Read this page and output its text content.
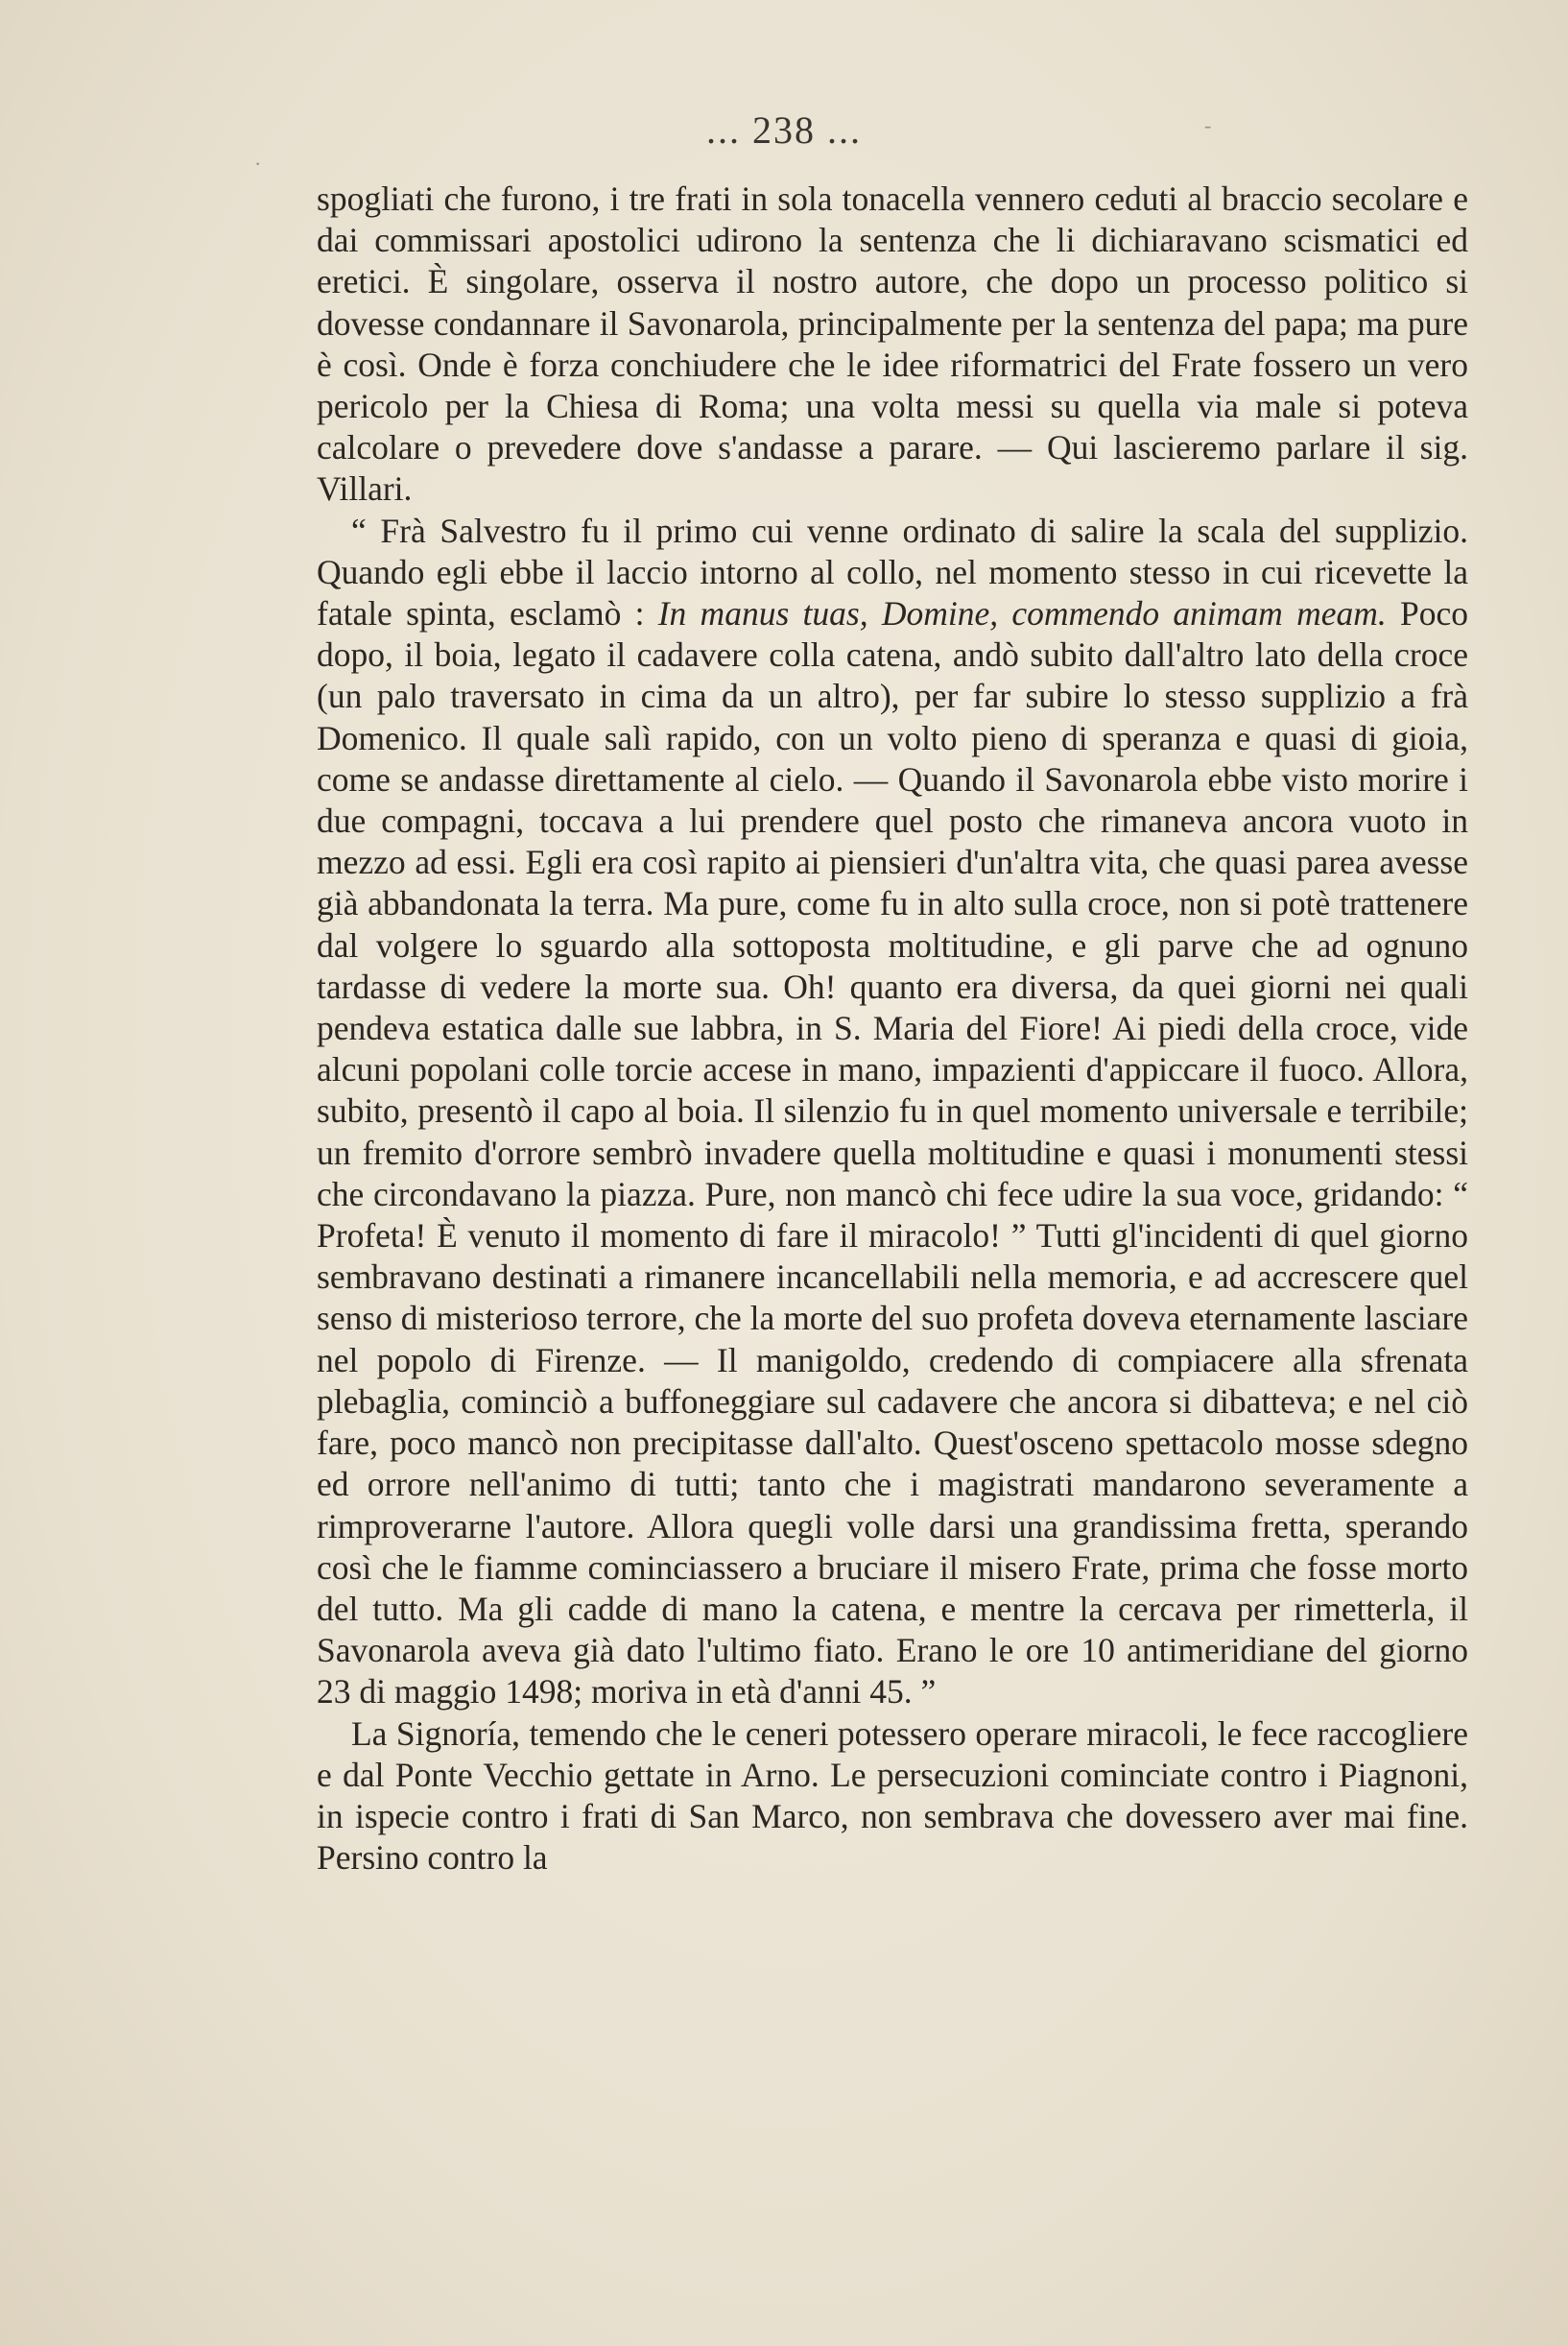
... 238 ...
·
-

spogliati che furono, i tre frati in sola tonacella vennero ceduti al braccio secolare e dai commissari apostolici udirono la sentenza che li dichiaravano scismatici ed eretici. È singolare, osserva il nostro autore, che dopo un processo politico si dovesse condannare il Savonarola, principalmente per la sentenza del papa; ma pure è così. Onde è forza conchiudere che le idee riformatrici del Frate fossero un vero pericolo per la Chiesa di Roma; una volta messi su quella via male si poteva calcolare o prevedere dove s'andasse a parare. — Qui lascieremo parlare il sig. Villari.

“ Frà Salvestro fu il primo cui venne ordinato di salire la scala del supplizio. Quando egli ebbe il laccio intorno al collo, nel momento stesso in cui ricevette la fatale spinta, esclamò : In manus tuas, Domine, commendo animam meam. Poco dopo, il boia, legato il cadavere colla catena, andò subito dall'altro lato della croce (un palo traversato in cima da un altro), per far subire lo stesso supplizio a frà Domenico. Il quale salì rapido, con un volto pieno di speranza e quasi di gioia, come se andasse direttamente al cielo. — Quando il Savonarola ebbe visto morire i due compagni, toccava a lui prendere quel posto che rimaneva ancora vuoto in mezzo ad essi. Egli era così rapito ai piensieri d'un'altra vita, che quasi parea avesse già abbandonata la terra. Ma pure, come fu in alto sulla croce, non si potè trattenere dal volgere lo sguardo alla sottoposta moltitudine, e gli parve che ad ognuno tardasse di vedere la morte sua. Oh! quanto era diversa, da quei giorni nei quali pendeva estatica dalle sue labbra, in S. Maria del Fiore! Ai piedi della croce, vide alcuni popolani colle torcie accese in mano, impazienti d'appiccare il fuoco. Allora, subito, presentò il capo al boia. Il silenzio fu in quel momento universale e terribile; un fremito d'orrore sembrò invadere quella moltitudine e quasi i monumenti stessi che circondavano la piazza. Pure, non mancò chi fece udire la sua voce, gridando: “ Profeta! È venuto il momento di fare il miracolo! ” Tutti gl'incidenti di quel giorno sembravano destinati a rimanere incancellabili nella memoria, e ad accrescere quel senso di misterioso terrore, che la morte del suo profeta doveva eternamente lasciare nel popolo di Firenze. — Il manigoldo, credendo di compiacere alla sfrenata plebaglia, cominciò a buffoneggiare sul cadavere che ancora si dibatteva; e nel ciò fare, poco mancò non precipitasse dall'alto. Quest'osceno spettacolo mosse sdegno ed orrore nell'animo di tutti; tanto che i magistrati mandarono severamente a rimproverarne l'autore. Allora quegli volle darsi una grandissima fretta, sperando così che le fiamme cominciassero a bruciare il misero Frate, prima che fosse morto del tutto. Ma gli cadde di mano la catena, e mentre la cercava per rimetterla, il Savonarola aveva già dato l'ultimo fiato. Erano le ore 10 antimeridiane del giorno 23 di maggio 1498; moriva in età d'anni 45. ”

La Signoría, temendo che le ceneri potessero operare miracoli, le fece raccogliere e dal Ponte Vecchio gettate in Arno. Le persecuzioni cominciate contro i Piagnoni, in ispecie contro i frati di San Marco, non sembrava che dovessero aver mai fine. Persino contro la
